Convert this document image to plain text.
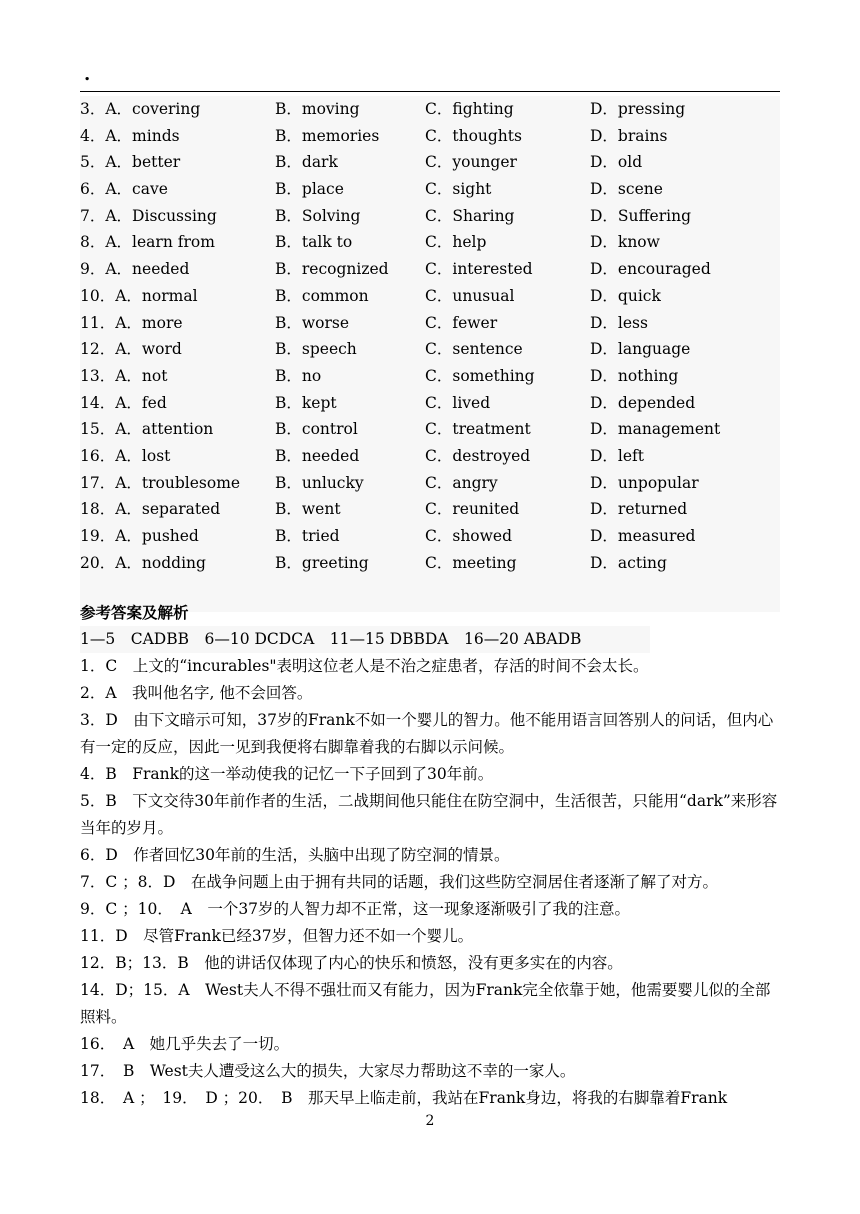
.
3．A．covering	B．moving	C．fighting	D．pressing
4．A．minds	B．memories	C．thoughts	D．brains
5．A．better	B．dark	C．younger	D．old
6．A．cave	B．place	C．sight	D．scene
7．A．Discussing	B．Solving	C．Sharing	D．Suffering
8．A．learn from	B．talk to	C．help	D．know
9．A．needed	B．recognized C．interested	D．encouraged
10．A．normal	B．common	C．unusual	D．quick
11．A．more	B．worse	C．fewer	D．less
12．A．word	B．speech	C．sentence	D．language
13．A．not	B．no	C．something	D．nothing
14．A．fed	B．kept	C．lived	D．depended
15．A．attention	B．control	C．treatment	D．management
16．A．lost	B．needed	C．destroyed	D．left
17．A．troublesome B．unlucky	C．angry	D．unpopular
18．A．separated	B．went	C．reunited	D．returned
19．A．pushed	B．tried	C．showed	D．measured
20．A．nodding	B．greeting	C．meeting	D．acting
参考答案及解析
1—5　CADBB　6—10 DCDCA　11—15 DBBDA　16—20 ABADB

1．C　上文的“incurables"表明这位老人是不治之症患者，存活的时间不会太长。

2．A　我叫他名字, 他不会回答。

3．D　由下文暗示可知，37岁的Frank不如一个婴儿的智力。他不能用语言回答别人的问话，但内心有一定的反应，因此一见到我便将右脚靠着我的右脚以示问候。

4．B　Frank的这一举动使我的记忆一下子回到了30年前。

5．B　下文交待30年前作者的生活，二战期间他只能住在防空洞中，生活很苦，只能用“dark”来形容当年的岁月。

6．D　作者回忆30年前的生活，头脑中出现了防空洞的情景。

7．C ；8．D　在战争问题上由于拥有共同的话题，我们这些防空洞居住者逐渐了解了对方。

9．C ；10．　A　一个37岁的人智力却不正常，这一现象逐渐吸引了我的注意。

11．D　尽管Frank已经37岁，但智力还不如一个婴儿。

12．B；13．B　他的讲话仅体现了内心的快乐和愤怒，没有更多实在的内容。

14．D；15．A　West夫人不得不强壮而又有能力，因为Frank完全依靠于她，他需要婴儿似的全部照料。

16．　A　她几乎失去了一切。

17．　B　West夫人遭受这么大的损失，大家尽力帮助这不幸的一家人。

18．　A ；　19．　D ；20．　B　那天早上临走前，我站在Frank身边，将我的右脚靠着Frank

2
